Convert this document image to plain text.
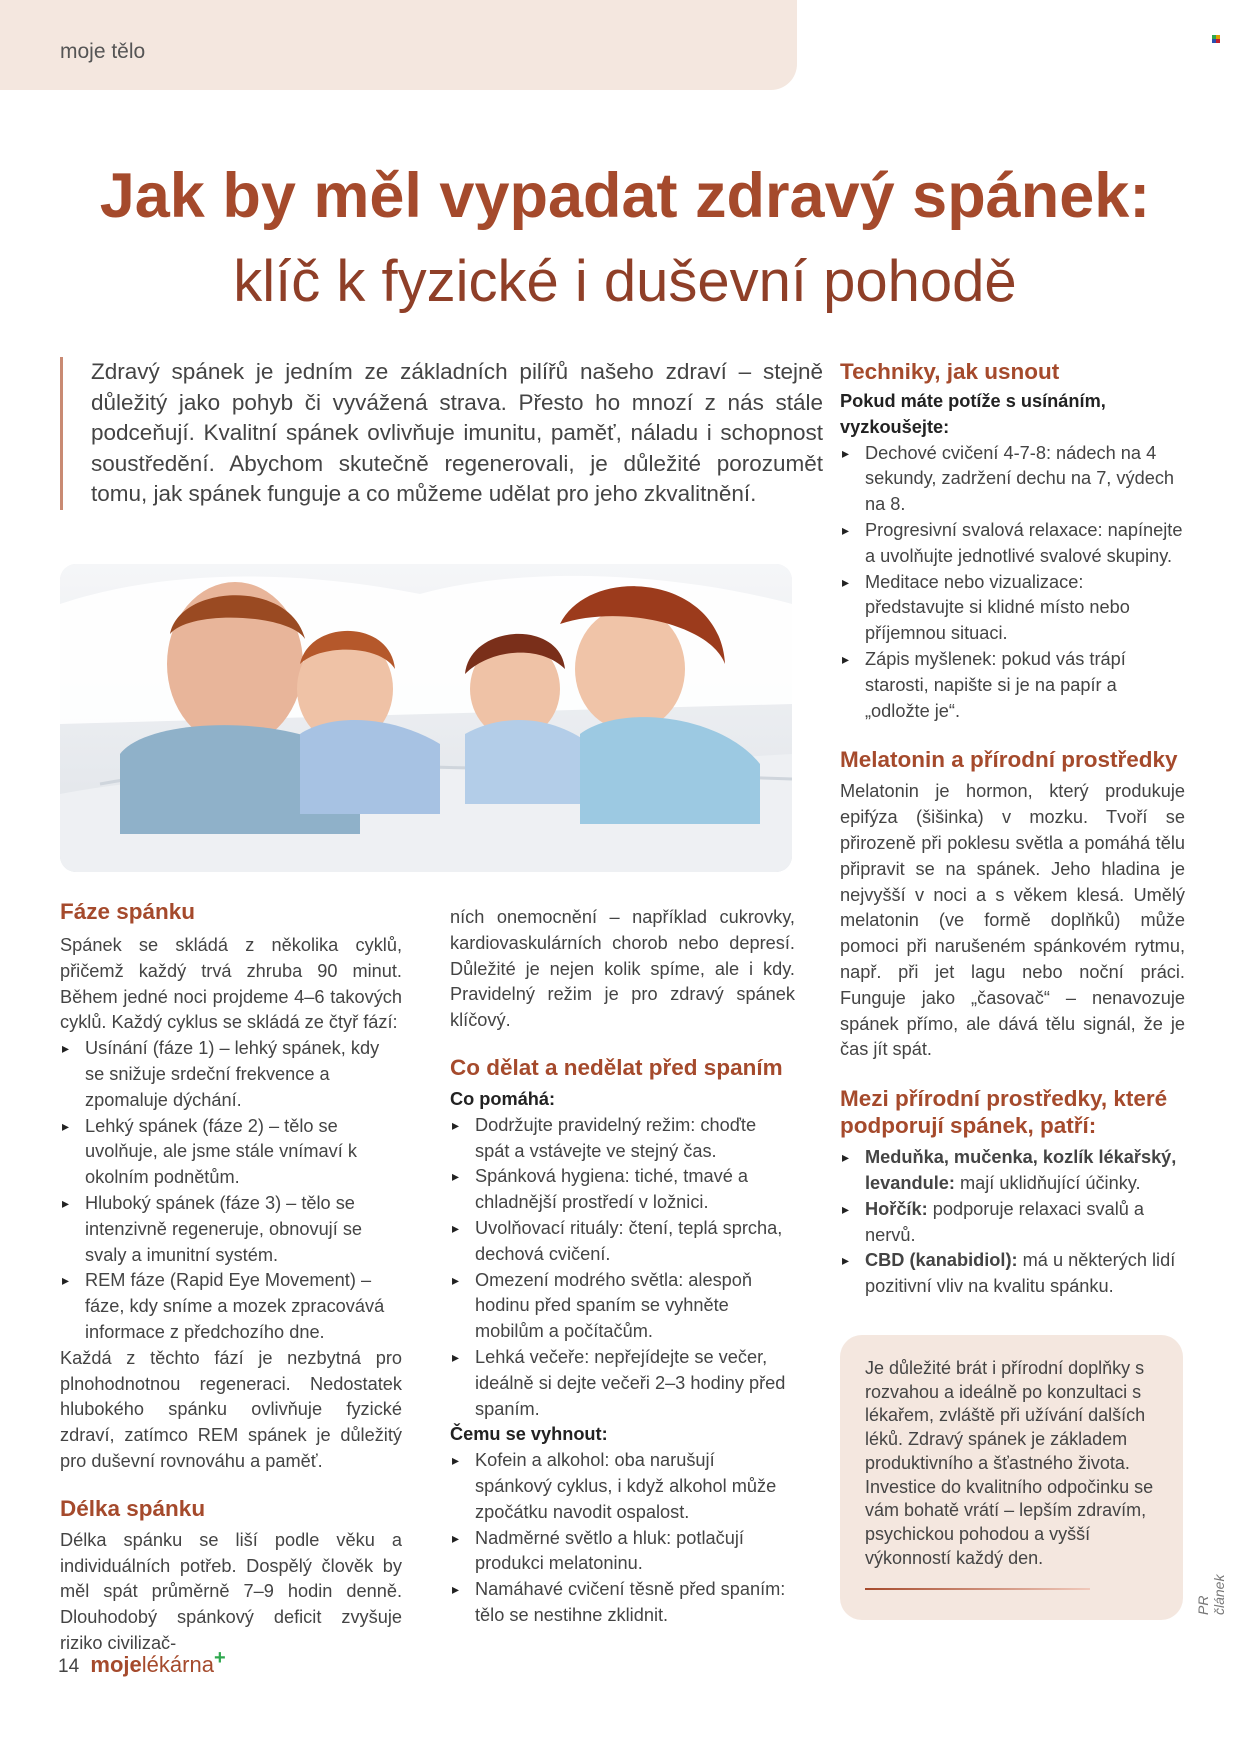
moje tělo
Jak by měl vypadat zdravý spánek:
klíč k fyzické i duševní pohodě
Zdravý spánek je jedním ze základních pilířů našeho zdraví – stejně důležitý jako pohyb či vyvážená strava. Přesto ho mnozí z nás stále podceňují. Kvalitní spánek ovlivňuje imunitu, paměť, náladu i schopnost soustředění. Abychom skutečně regenerovali, je důležité porozumět tomu, jak spánek funguje a co můžeme udělat pro jeho zkvalitnění.
Fáze spánku

Spánek se skládá z několika cyklů, přičemž každý trvá zhruba 90 minut. Během jedné noci projdeme 4–6 takových cyklů. Každý cyklus se skládá ze čtyř fází:

▸ Usínání (fáze 1) – lehký spánek, kdy se snižuje srdeční frekvence a zpomaluje dýchání.
▸ Lehký spánek (fáze 2) – tělo se uvolňuje, ale jsme stále vnímaví k okolním podnětům.
▸ Hluboký spánek (fáze 3) – tělo se intenzivně regeneruje, obnovují se svaly a imunitní systém.
▸ REM fáze (Rapid Eye Movement) – fáze, kdy sníme a mozek zpracovává informace z předchozího dne.

Každá z těchto fází je nezbytná pro plnohodnotnou regeneraci. Nedostatek hlubokého spánku ovlivňuje fyzické zdraví, zatímco REM spánek je důležitý pro duševní rovnováhu a paměť.

Délka spánku

Délka spánku se liší podle věku a individuálních potřeb. Dospělý člověk by měl spát průměrně 7–9 hodin denně. Dlouhodobý spánkový deficit zvyšuje riziko civilizač-

ních onemocnění – například cukrovky, kardiovaskulárních chorob nebo depresí. Důležité je nejen kolik spíme, ale i kdy. Pravidelný režim je pro zdravý spánek klíčový.

Co dělat a nedělat před spaním
Co pomáhá:
▸ Dodržujte pravidelný režim: choďte spát a vstávejte ve stejný čas.
▸ Spánková hygiena: tiché, tmavé a chladnější prostředí v ložnici.
▸ Uvolňovací rituály: čtení, teplá sprcha, dechová cvičení.
▸ Omezení modrého světla: alespoň hodinu před spaním se vyhněte mobilům a počítačům.
▸ Lehká večeře: nepřejídejte se večer, ideálně si dejte večeři 2–3 hodiny před spaním.
Čemu se vyhnout:
▸ Kofein a alkohol: oba narušují spánkový cyklus, i když alkohol může zpočátku navodit ospalost.
▸ Nadměrné světlo a hluk: potlačují produkci melatoninu.
▸ Namáhavé cvičení těsně před spaním: tělo se nestihne zklidnit.
Techniky, jak usnout
Pokud máte potíže s usínáním, vyzkoušejte:
▸ Dechové cvičení 4-7-8: nádech na 4 sekundy, zadržení dechu na 7, výdech na 8.
▸ Progresivní svalová relaxace: napínejte a uvolňujte jednotlivé svalové skupiny.
▸ Meditace nebo vizualizace: představujte si klidné místo nebo příjemnou situaci.
▸ Zápis myšlenek: pokud vás trápí starosti, napište si je na papír a „odložte je“.
Melatonin a přírodní prostředky

Melatonin je hormon, který produkuje epifýza (šišinka) v mozku. Tvoří se přirozeně při poklesu světla a pomáhá tělu připravit se na spánek. Jeho hladina je nejvyšší v noci a s věkem klesá. Umělý melatonin (ve formě doplňků) může pomoci při narušeném spánkovém rytmu, např. při jet lagu nebo noční práci. Funguje jako „časovač“ – nenavozuje spánek přímo, ale dává tělu signál, že je čas jít spát.

Mezi přírodní prostředky, které podporují spánek, patří:
▸ Meduňka, mučenka, kozlík lékařský, levandule: mají uklidňující účinky.
▸ Hořčík: podporuje relaxaci svalů a nervů.
▸ CBD (kanabidiol): má u některých lidí pozitivní vliv na kvalitu spánku.

Je důležité brát i přírodní doplňky s rozvahou a ideálně po konzultaci s lékařem, zvláště při užívání dalších léků. Zdravý spánek je základem produktivního a šťastného života. Investice do kvalitního odpočinku se vám bohatě vrátí – lepším zdravím, psychickou pohodou a vyšší výkonností každý den.

PR článek
14 mojelékárna+
